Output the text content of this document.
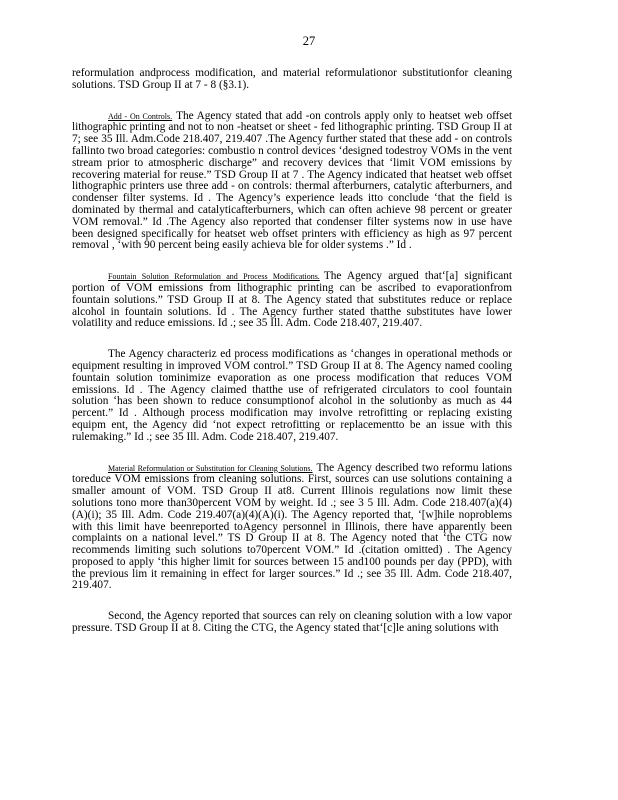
27

reformulation andprocess modification, and material reformulationor substitutionfor cleaning solutions. TSD Group II at 7 - 8 (§3.1).

Add - On Controls. The Agency stated that add -on controls apply only to heatset web offset lithographic printing and not to non -heatset or sheet - fed lithographic printing. TSD Group II at 7; see 35 Ill. Adm.Code 218.407, 219.407 .The Agency further stated that these add - on controls fallinto two broad categories: combustio n control devices ‘designed todestroy VOMs in the vent stream prior to atmospheric discharge” and recovery devices that ‘limit VOM emissions by recovering material for reuse.” TSD Group II at 7 . The Agency indicated that heatset web offset lithographic printers use three add - on controls: thermal afterburners, catalytic afterburners, and condenser filter systems. Id . The Agency’s experience leads itto conclude ‘that the field is dominated by thermal and catalyticafterburners, which can often achieve 98 percent or greater VOM removal.” Id .The Agency also reported that condenser filter systems now in use have been designed specifically for heatset web offset printers with efficiency as high as 97 percent removal , ‘with 90 percent being easily achieva ble for older systems .” Id .

Fountain Solution Reformulation and Process Modifications. The Agency argued that‘[a] significant portion of VOM emissions from lithographic printing can be ascribed to evaporationfrom fountain solutions.” TSD Group II at 8. The Agency stated that substitutes reduce or replace alcohol in fountain solutions. Id . The Agency further stated thatthe substitutes have lower volatility and reduce emissions. Id .; see 35 Ill. Adm. Code 218.407, 219.407.

The Agency characteriz ed process modifications as ‘changes in operational methods or equipment resulting in improved VOM control.” TSD Group II at 8. The Agency named cooling fountain solution tominimize evaporation as one process modification that reduces VOM emissions. Id . The Agency claimed thatthe use of refrigerated circulators to cool fountain solution ‘has been shown to reduce consumptionof alcohol in the solutionby as much as 44 percent.” Id . Although process modification may involve retrofitting or replacing existing equipm ent, the Agency did ‘not expect retrofitting or replacementto be an issue with this rulemaking.” Id .; see 35 Ill. Adm. Code 218.407, 219.407.

Material Reformulation or Substitution for Cleaning Solutions. The Agency described two reformu lations toreduce VOM emissions from cleaning solutions. First, sources can use solutions containing a smaller amount of VOM. TSD Group II at8. Current Illinois regulations now limit these solutions tono more than30percent VOM by weight. Id .; see 3 5 Ill. Adm. Code 218.407(a)(4)(A)(i); 35 Ill. Adm. Code 219.407(a)(4)(A)(i). The Agency reported that, ‘[w]hile noproblems with this limit have beenreported toAgency personnel in Illinois, there have apparently been complaints on a national level.” TS D Group II at 8. The Agency noted that ‘the CTG now recommends limiting such solutions to70percent VOM.” Id .(citation omitted) . The Agency proposed to apply ‘this higher limit for sources between 15 and100 pounds per day (PPD), with the previous lim it remaining in effect for larger sources.” Id .; see 35 Ill. Adm. Code 218.407, 219.407.

Second, the Agency reported that sources can rely on cleaning solution with a low vapor pressure. TSD Group II at 8. Citing the CTG, the Agency stated that‘[c]le aning solutions with
